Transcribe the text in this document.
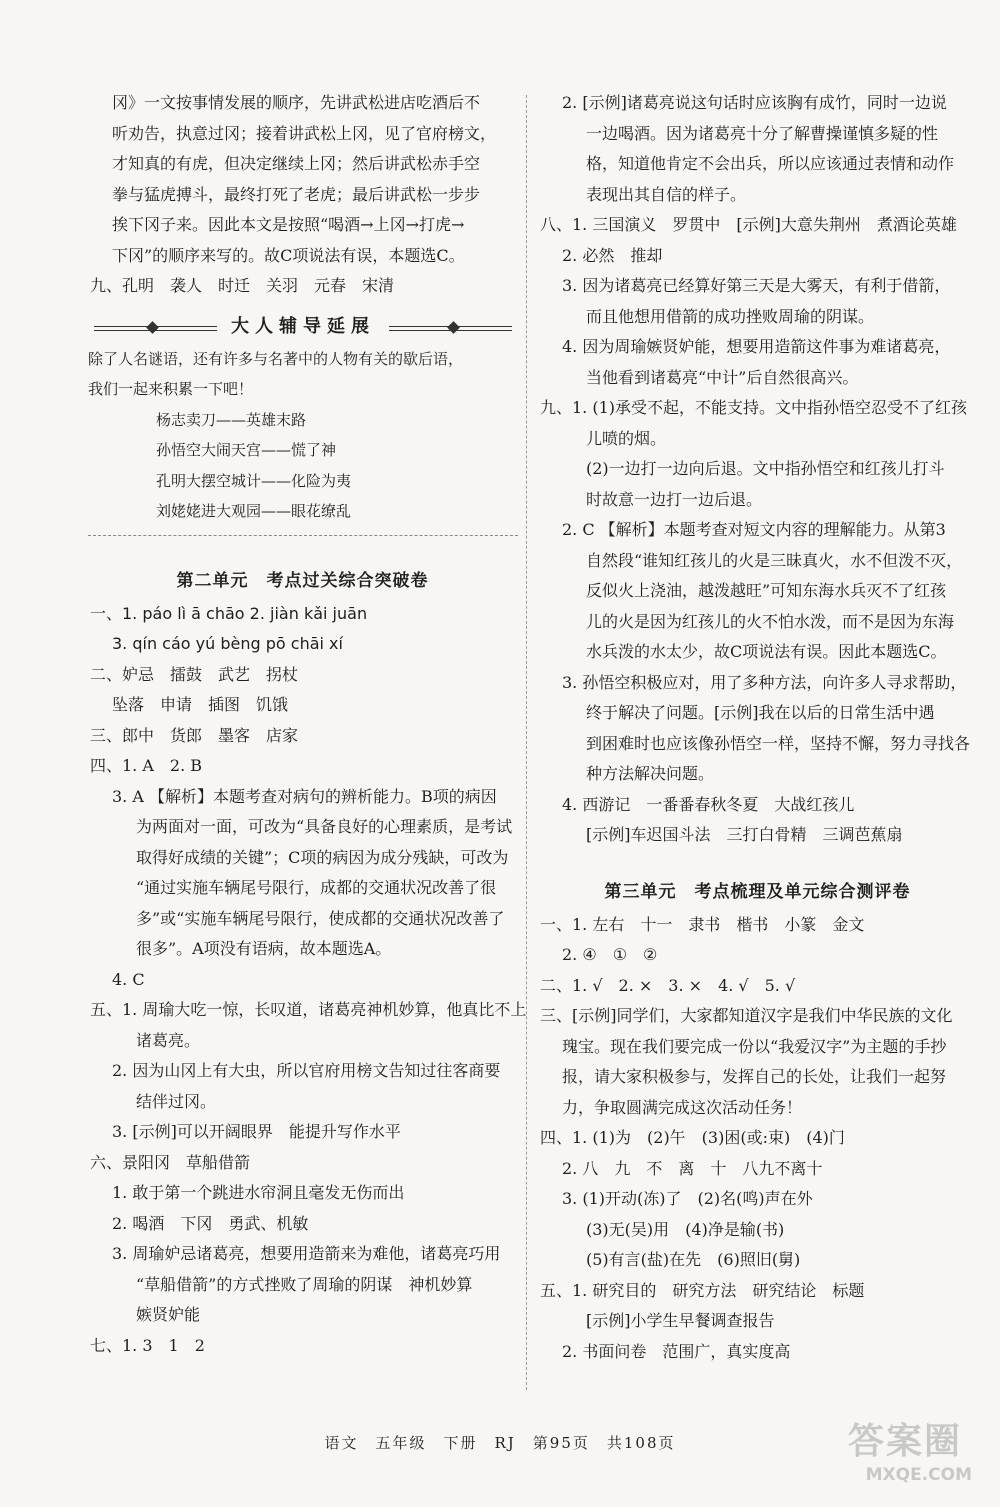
冈》一文按事情发展的顺序，先讲武松进店吃酒后不
听劝告，执意过冈；接着讲武松上冈，见了官府榜文，
才知真的有虎，但决定继续上冈；然后讲武松赤手空
拳与猛虎搏斗，最终打死了老虎；最后讲武松一步步
挨下冈子来。因此本文是按照“喝酒→上冈→打虎→
下冈”的顺序来写的。故C项说法有误，本题选C。
九、孔明　袭人　时迁　关羽　元春　宋清
大人辅导延展
除了人名谜语，还有许多与名著中的人物有关的歇后语，
我们一起来积累一下吧！
杨志卖刀——英雄末路
孙悟空大闹天宫——慌了神
孔明大摆空城计——化险为夷
刘姥姥进大观园——眼花缭乱
第二单元　考点过关综合突破卷
一、1. páo lì ā chāo 2. jiàn kǎi juān
3. qín cáo yú bèng pō chāi xí
二、妒忌　擂鼓　武艺　拐杖
坠落　申请　插图　饥饿
三、郎中　货郎　墨客　店家
四、1. A　2. B
3. A 【解析】本题考查对病句的辨析能力。B项的病因
为两面对一面，可改为“具备良好的心理素质，是考试
取得好成绩的关键”；C项的病因为成分残缺，可改为
“通过实施车辆尾号限行，成都的交通状况改善了很
多”或“实施车辆尾号限行，使成都的交通状况改善了
很多”。A项没有语病，故本题选A。
4. C
五、1. 周瑜大吃一惊，长叹道，诸葛亮神机妙算，他真比不上
诸葛亮。
2. 因为山冈上有大虫，所以官府用榜文告知过往客商要
结伴过冈。
3. [示例]可以开阔眼界　能提升写作水平
六、景阳冈　草船借箭
1. 敢于第一个跳进水帘洞且毫发无伤而出
2. 喝酒　下冈　勇武、机敏
3. 周瑜妒忌诸葛亮，想要用造箭来为难他，诸葛亮巧用
“草船借箭”的方式挫败了周瑜的阴谋　神机妙算
嫉贤妒能
七、1. 3　1　2
2. [示例]诸葛亮说这句话时应该胸有成竹，同时一边说
一边喝酒。因为诸葛亮十分了解曹操谨慎多疑的性
格，知道他肯定不会出兵，所以应该通过表情和动作
表现出其自信的样子。
八、1. 三国演义　罗贯中　[示例]大意失荆州　煮酒论英雄
2. 必然　推却
3. 因为诸葛亮已经算好第三天是大雾天，有利于借箭，
而且他想用借箭的成功挫败周瑜的阴谋。
4. 因为周瑜嫉贤妒能，想要用造箭这件事为难诸葛亮，
当他看到诸葛亮“中计”后自然很高兴。
九、1. (1)承受不起，不能支持。文中指孙悟空忍受不了红孩
儿喷的烟。
(2)一边打一边向后退。文中指孙悟空和红孩儿打斗
时故意一边打一边后退。
2. C 【解析】本题考查对短文内容的理解能力。从第3
自然段“谁知红孩儿的火是三昧真火，水不但泼不灭，
反似火上浇油，越泼越旺”可知东海水兵灭不了红孩
儿的火是因为红孩儿的火不怕水泼，而不是因为东海
水兵泼的水太少，故C项说法有误。因此本题选C。
3. 孙悟空积极应对，用了多种方法，向许多人寻求帮助，
终于解决了问题。[示例]我在以后的日常生活中遇
到困难时也应该像孙悟空一样，坚持不懈，努力寻找各
种方法解决问题。
4. 西游记　一番番春秋冬夏　大战红孩儿
[示例]车迟国斗法　三打白骨精　三调芭蕉扇
第三单元　考点梳理及单元综合测评卷
一、1. 左右　十一　隶书　楷书　小篆　金文
2. ④　①　②
二、1. √　2. ×　3. ×　4. √　5. √
三、[示例]同学们，大家都知道汉字是我们中华民族的文化
瑰宝。现在我们要完成一份以“我爱汉字”为主题的手抄
报，请大家积极参与，发挥自己的长处，让我们一起努
力，争取圆满完成这次活动任务！
四、1. (1)为　(2)午　(3)困(或:束)　(4)门
2. 八　九　不　离　十　八九不离十
3. (1)开动(冻)了　(2)名(鸣)声在外
(3)无(吴)用　(4)净是输(书)
(5)有言(盐)在先　(6)照旧(舅)
五、1. 研究目的　研究方法　研究结论　标题
[示例]小学生早餐调查报告
2. 书面问卷　范围广，真实度高
语文　五年级　下册　RJ　第95页　共108页	答案圈
MXQE.COM
